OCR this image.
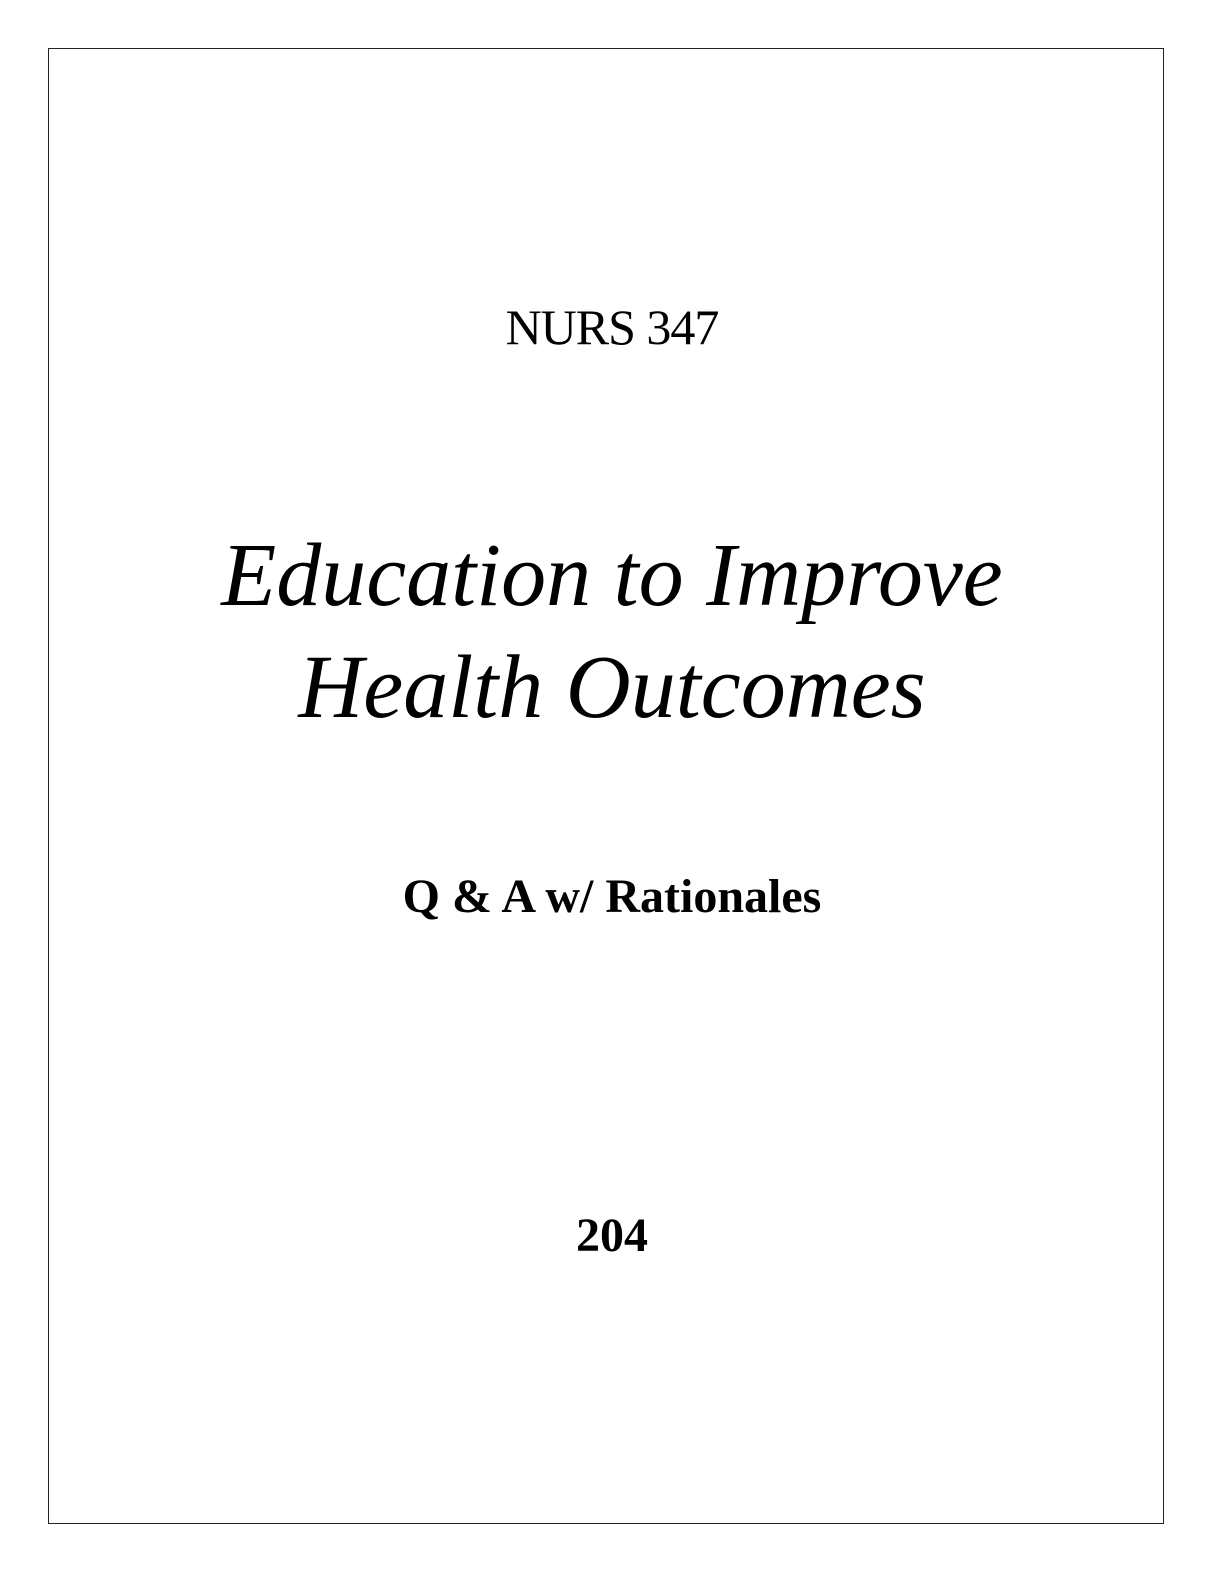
NURS 347
Education to Improve
Health Outcomes
Q & A w/ Rationales
204
